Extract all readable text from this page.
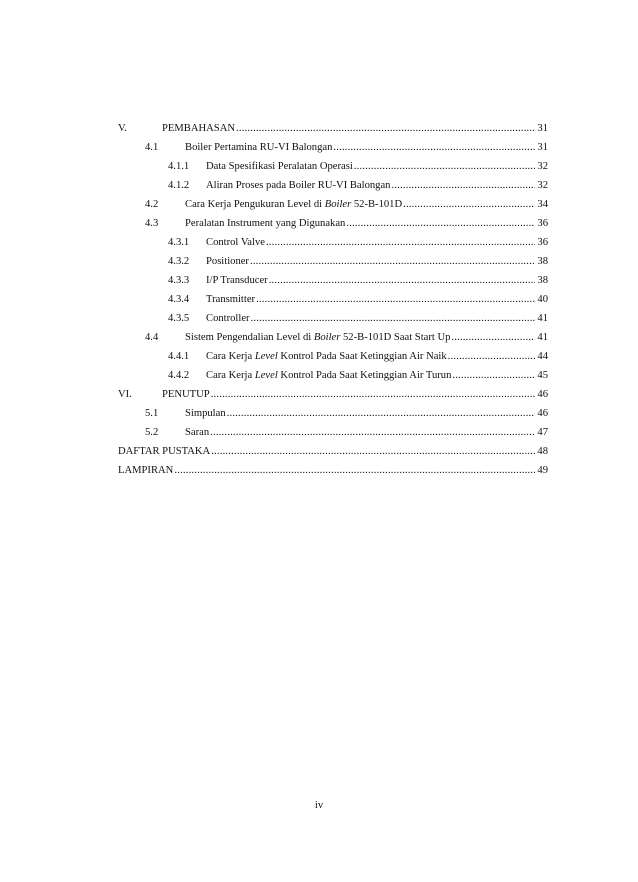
V.	PEMBAHASAN .....	31
4.1	Boiler Pertamina RU-VI Balongan .....	31
4.1.1	Data Spesifikasi Peralatan Operasi .....	32
4.1.2	Aliran Proses pada Boiler RU-VI Balongan .....	32
4.2	Cara Kerja Pengukuran Level di Boiler 52-B-101D .....	34
4.3	Peralatan Instrument yang Digunakan .....	36
4.3.1	Control Valve .....	36
4.3.2	Positioner .....	38
4.3.3	I/P Transducer .....	38
4.3.4	Transmitter .....	40
4.3.5	Controller .....	41
4.4	Sistem Pengendalian Level di Boiler 52-B-101D Saat Start Up .....	41
4.4.1	Cara Kerja Level Kontrol Pada Saat Ketinggian Air Naik .....	44
4.4.2	Cara Kerja Level Kontrol Pada Saat Ketinggian Air Turun .....	45
VI.	PENUTUP .....	46
5.1	Simpulan .....	46
5.2	Saran .....	47
DAFTAR PUSTAKA .....	48
LAMPIRAN .....	49
iv
